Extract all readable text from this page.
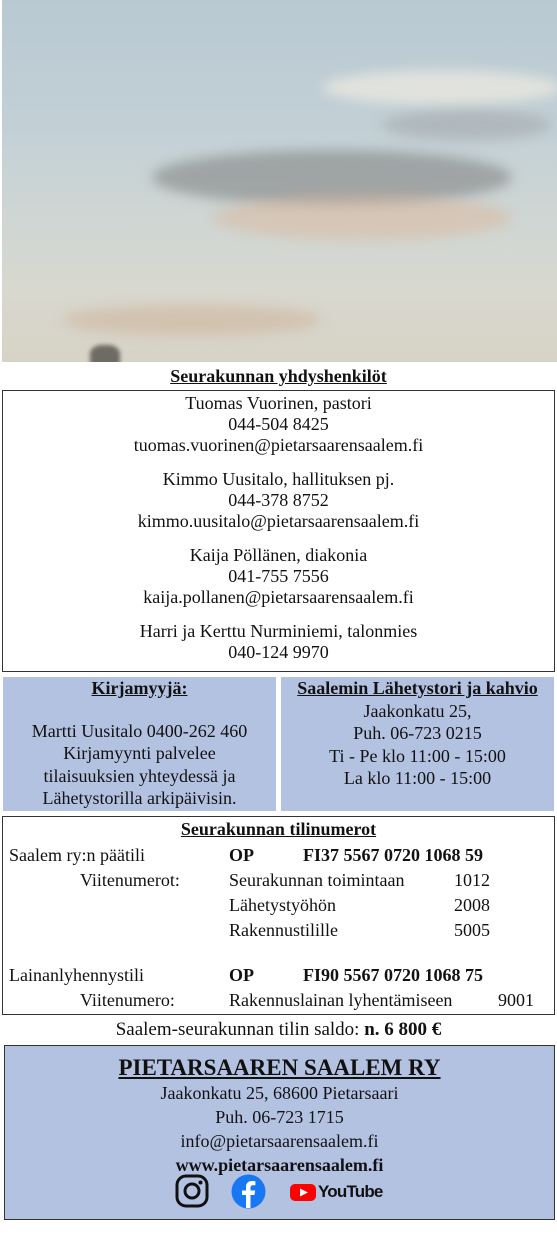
Seurakunnan yhdyshenkilöt
Tuomas Vuorinen, pastori
044-504 8425
tuomas.vuorinen@pietarsaarensaalem.fi
Kimmo Uusitalo, hallituksen pj.
044-378 8752
kimmo.uusitalo@pietarsaarensaalem.fi
Kaija Pöllänen, diakonia
041-755 7556
kaija.pollanen@pietarsaarensaalem.fi
Harri ja Kerttu Nurminiemi, talonmies
040-124 9970
Kirjamyyjä:
Martti Uusitalo 0400-262 460
Kirjamyynti palvelee
tilaisuuksien yhteydessä ja
Lähetystorilla arkipäivisin.
Saalemin Lähetystori ja kahvio
Jaakonkatu 25,
Puh. 06-723 0215
Ti - Pe klo 11:00 - 15:00
La klo 11:00 - 15:00
Seurakunnan tilinumerot
Saalem ry:n päätili	OP	FI37 5567 0720 1068 59
Viitenumerot:	Seurakunnan toimintaan	1012
Lähetystyöhön	2008
Rakennustilille	5005
Lainanlyhennystili	OP	FI90 5567 0720 1068 75
Viitenumero:	Rakennuslainan lyhentämiseen	9001
Saalem-seurakunnan tilin saldo: n. 6 800 €
PIETARSAAREN SAALEM RY
Jaakonkatu 25, 68600 Pietarsaari
Puh. 06-723 1715
info@pietarsaarensaalem.fi
www.pietarsaarensaalem.fi
YouTube
